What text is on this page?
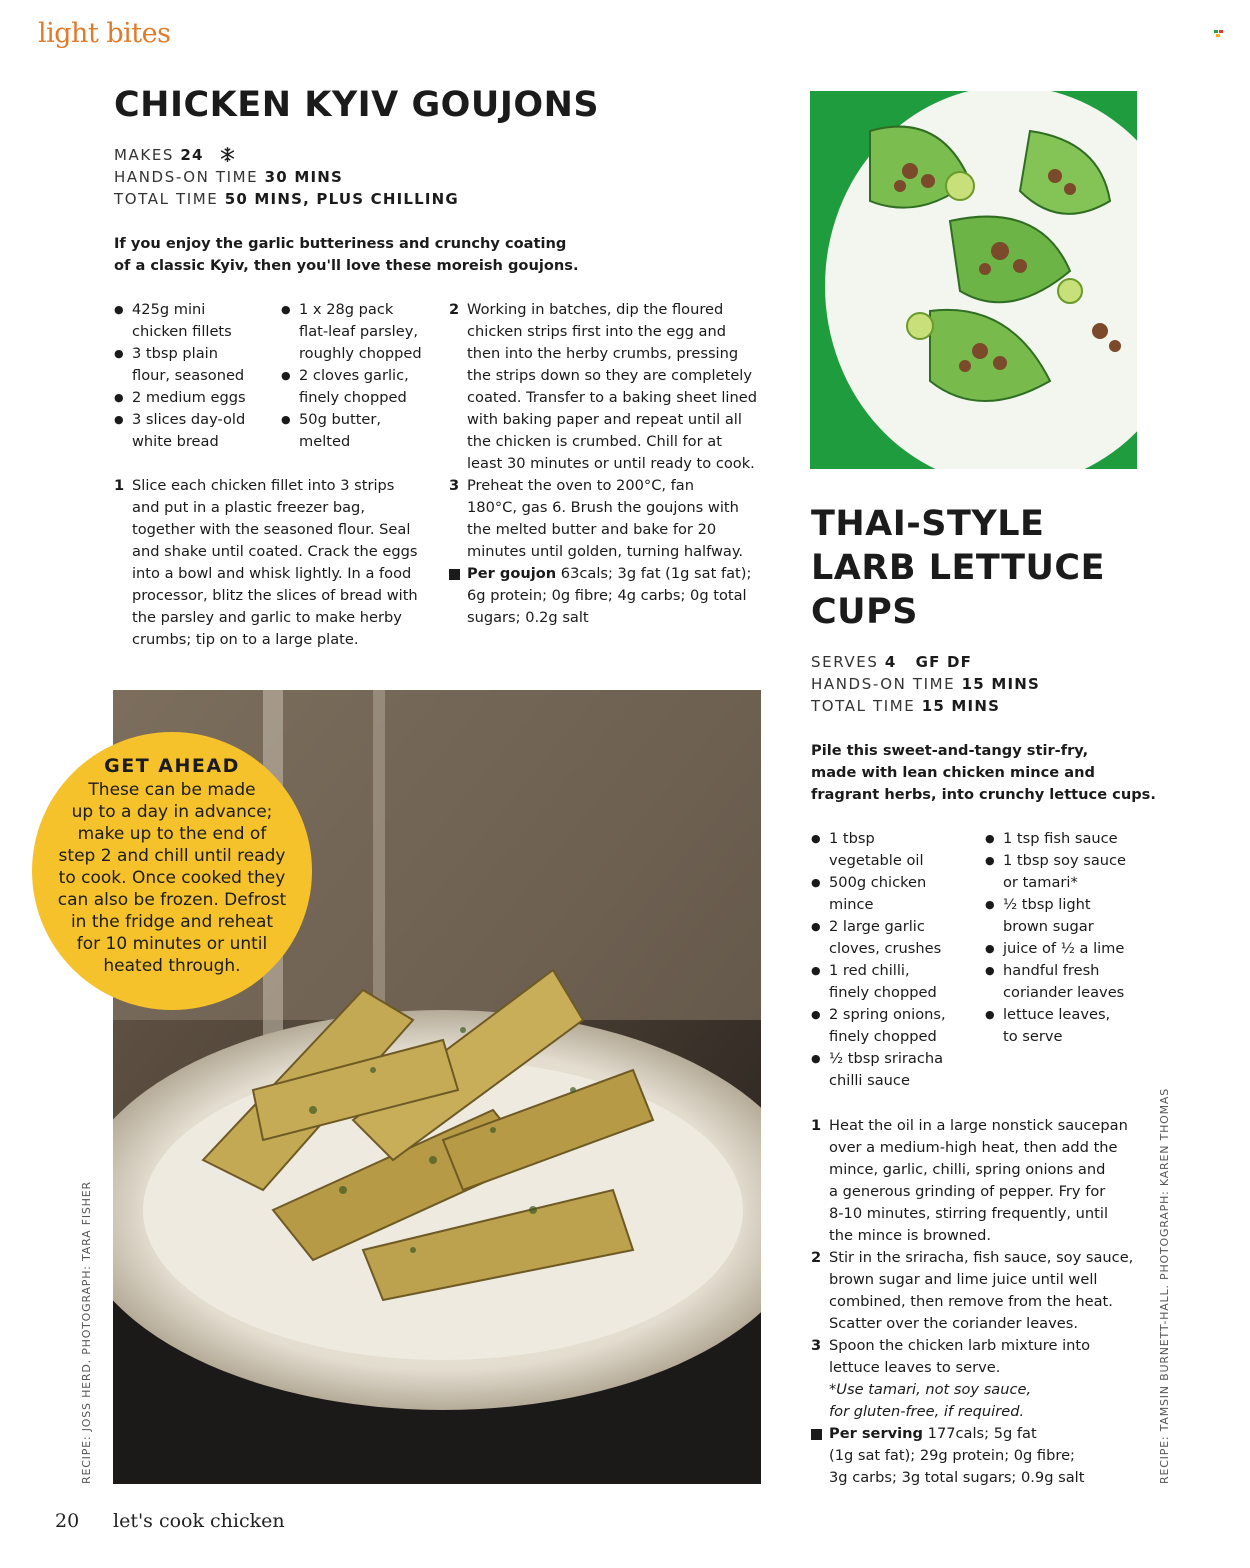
light bites
CHICKEN KYIV GOUJONS
MAKES 24
HANDS-ON TIME 30 MINS
TOTAL TIME 50 MINS, PLUS CHILLING
If you enjoy the garlic butteriness and crunchy coating
of a classic Kyiv, then you'll love these moreish goujons.
● 425g mini
chicken fillets
● 3 tbsp plain
flour, seasoned
● 2 medium eggs
● 3 slices day-old
white bread
● 1 x 28g pack
flat-leaf parsley,
roughly chopped
● 2 cloves garlic,
finely chopped
● 50g butter,
melted
1 Slice each chicken fillet into 3 strips
and put in a plastic freezer bag,
together with the seasoned flour. Seal
and shake until coated. Crack the eggs
into a bowl and whisk lightly. In a food
processor, blitz the slices of bread with
the parsley and garlic to make herby
crumbs; tip on to a large plate.
2 Working in batches, dip the floured
chicken strips first into the egg and
then into the herby crumbs, pressing
the strips down so they are completely
coated. Transfer to a baking sheet lined
with baking paper and repeat until all
the chicken is crumbed. Chill for at
least 30 minutes or until ready to cook.
3 Preheat the oven to 200°C, fan
180°C, gas 6. Brush the goujons with
the melted butter and bake for 20
minutes until golden, turning halfway.
Per goujon 63cals; 3g fat (1g sat fat);
6g protein; 0g fibre; 4g carbs; 0g total
sugars; 0.2g salt
GET AHEAD
These can be made
up to a day in advance;
make up to the end of
step 2 and chill until ready
to cook. Once cooked they
can also be frozen. Defrost
in the fridge and reheat
for 10 minutes or until
heated through.
RECIPE: JOSS HERD. PHOTOGRAPH: TARA FISHER	RECIPE: TAMSIN BURNETT-HALL. PHOTOGRAPH: KAREN THOMAS
THAI-STYLE
LARB LETTUCE
CUPS
SERVES 4 GF DF
HANDS-ON TIME 15 MINS
TOTAL TIME 15 MINS
Pile this sweet-and-tangy stir-fry,
made with lean chicken mince and
fragrant herbs, into crunchy lettuce cups.
● 1 tbsp
vegetable oil
● 500g chicken
mince
● 2 large garlic
cloves, crushes
● 1 red chilli,
finely chopped
● 2 spring onions,
finely chopped
● ½ tbsp sriracha
chilli sauce
● 1 tsp fish sauce
● 1 tbsp soy sauce
or tamari*
● ½ tbsp light
brown sugar
● juice of ½ a lime
● handful fresh
coriander leaves
● lettuce leaves,
to serve
1 Heat the oil in a large nonstick saucepan
over a medium-high heat, then add the
mince, garlic, chilli, spring onions and
a generous grinding of pepper. Fry for
8-10 minutes, stirring frequently, until
the mince is browned.
2 Stir in the sriracha, fish sauce, soy sauce,
brown sugar and lime juice until well
combined, then remove from the heat.
Scatter over the coriander leaves.
3 Spoon the chicken larb mixture into
lettuce leaves to serve.
*Use tamari, not soy sauce,
for gluten-free, if required.
Per serving 177cals; 5g fat
(1g sat fat); 29g protein; 0g fibre;
3g carbs; 3g total sugars; 0.9g salt
20 let's cook chicken
